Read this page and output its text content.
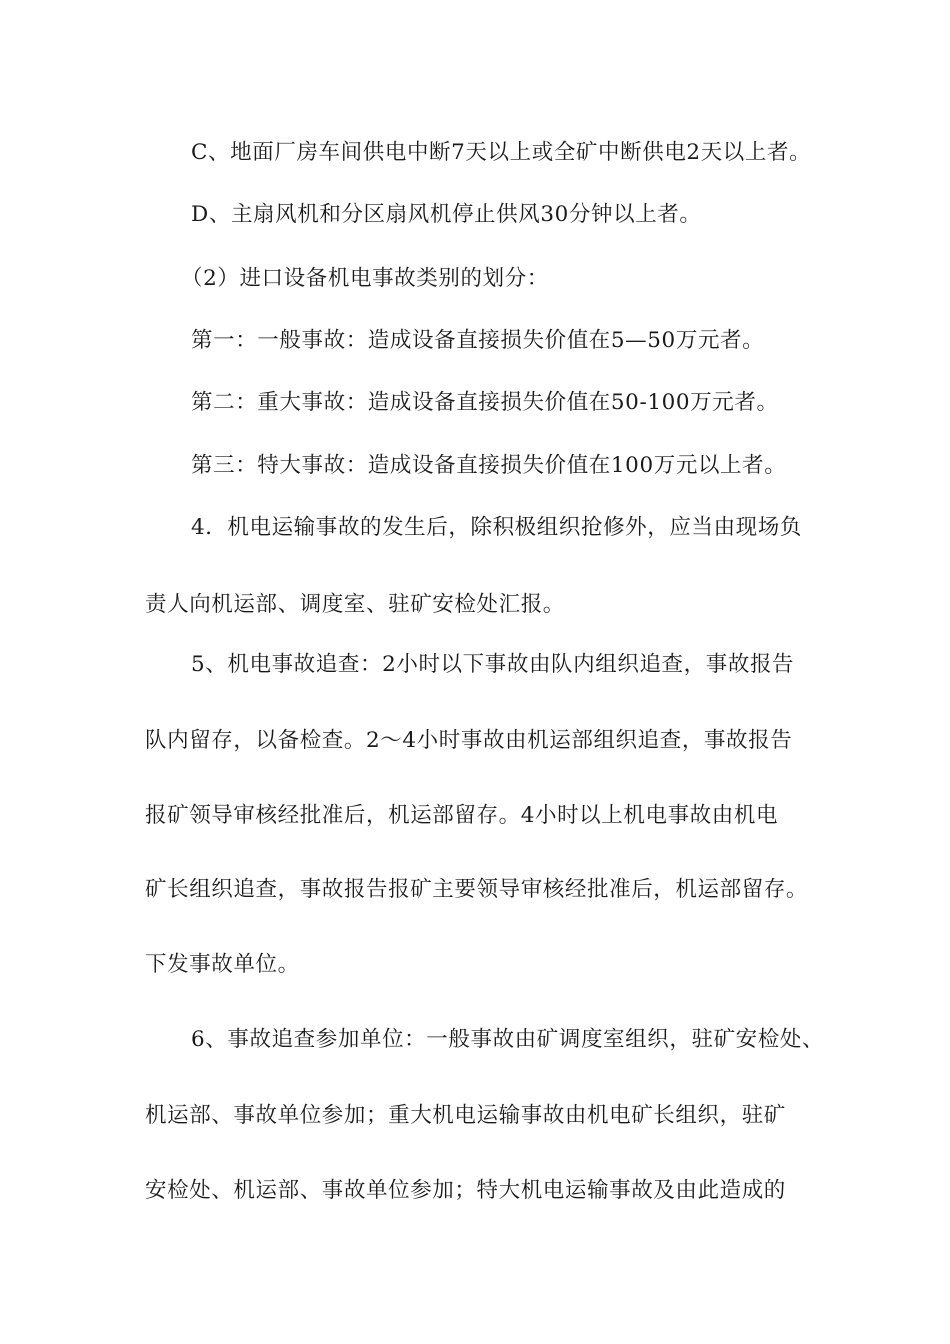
C、地面厂房车间供电中断7天以上或全矿中断供电2天以上者。
D、主扇风机和分区扇风机停止供风30分钟以上者。
（2）进口设备机电事故类别的划分：
第一：一般事故：造成设备直接损失价值在5—50万元者。
第二：重大事故：造成设备直接损失价值在50-100万元者。
第三：特大事故：造成设备直接损失价值在100万元以上者。
4．机电运输事故的发生后，除积极组织抢修外，应当由现场负
责人向机运部、调度室、驻矿安检处汇报。
5、机电事故追查：2小时以下事故由队内组织追查，事故报告
队内留存，以备检查。2～4小时事故由机运部组织追查，事故报告
报矿领导审核经批准后，机运部留存。4小时以上机电事故由机电
矿长组织追查，事故报告报矿主要领导审核经批准后，机运部留存。
下发事故单位。
6、事故追查参加单位：一般事故由矿调度室组织，驻矿安检处、
机运部、事故单位参加；重大机电运输事故由机电矿长组织，驻矿
安检处、机运部、事故单位参加；特大机电运输事故及由此造成的
